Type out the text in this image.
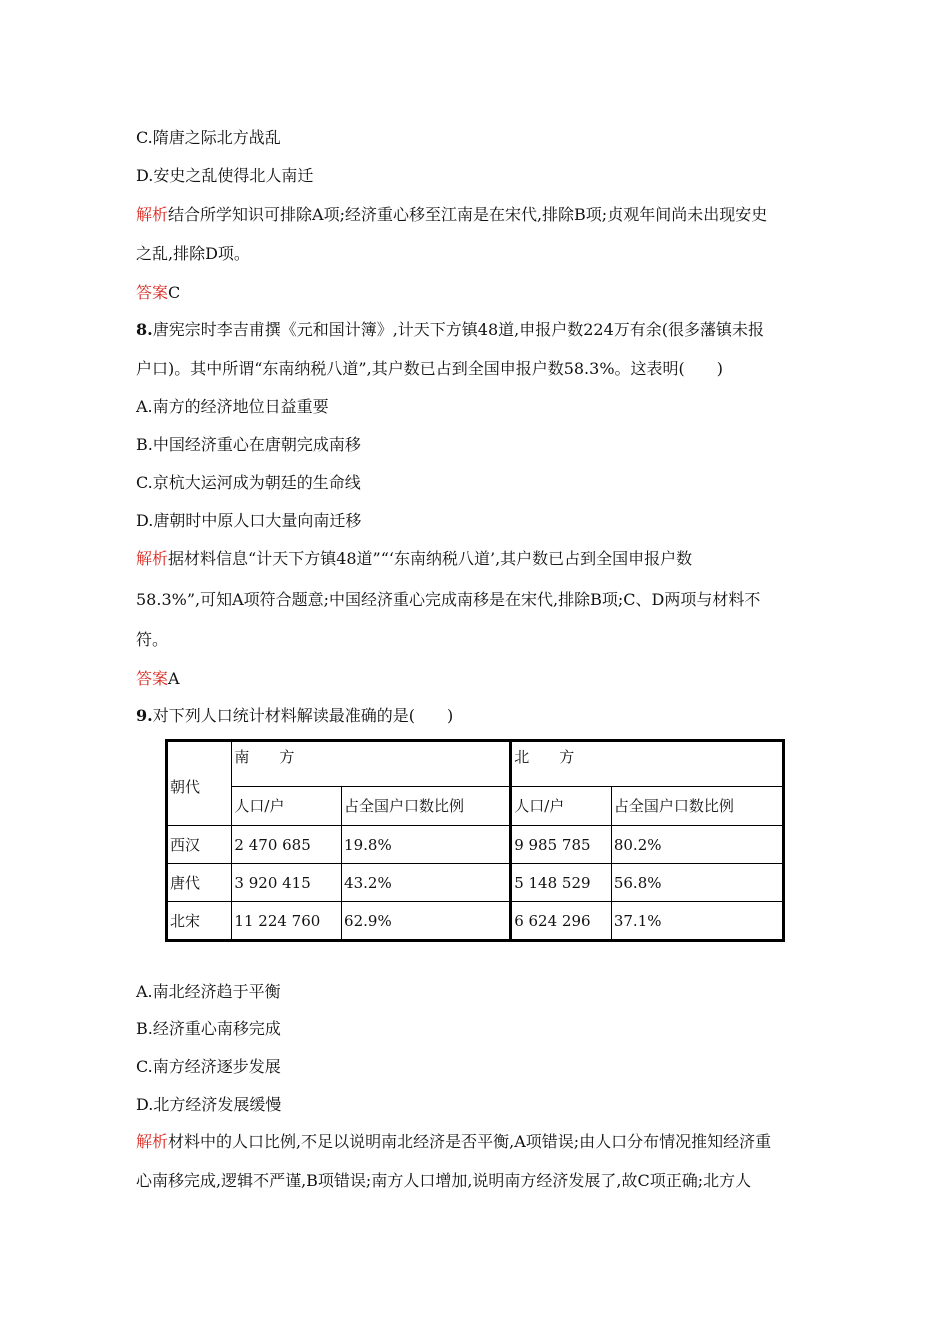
C.隋唐之际北方战乱
D.安史之乱使得北人南迁
解析结合所学知识可排除A项;经济重心移至江南是在宋代,排除B项;贞观年间尚未出现安史
之乱,排除D项。
答案C
8.唐宪宗时李吉甫撰《元和国计簿》,计天下方镇48道,申报户数224万有余(很多藩镇未报
户口)。其中所谓“东南纳税八道”,其户数已占到全国申报户数58.3%。这表明(　　)
A.南方的经济地位日益重要
B.中国经济重心在唐朝完成南移
C.京杭大运河成为朝廷的生命线
D.唐朝时中原人口大量向南迁移
解析据材料信息“计天下方镇48道”“‘东南纳税八道’,其户数已占到全国申报户数
58.3%”,可知A项符合题意;中国经济重心完成南移是在宋代,排除B项;C、D两项与材料不
符。
答案A
9.对下列人口统计材料解读最准确的是(　　)
朝代	南　　方		北　　方	
	人口/户	占全国户口数比例	人口/户	占全国户口数比例
西汉	2 470 685	19.8%	9 985 785	80.2%
唐代	3 920 415	43.2%	5 148 529	56.8%
北宋	11 224 760	62.9%	6 624 296	37.1%
A.南北经济趋于平衡
B.经济重心南移完成
C.南方经济逐步发展
D.北方经济发展缓慢
解析材料中的人口比例,不足以说明南北经济是否平衡,A项错误;由人口分布情况推知经济重
心南移完成,逻辑不严谨,B项错误;南方人口增加,说明南方经济发展了,故C项正确;北方人
